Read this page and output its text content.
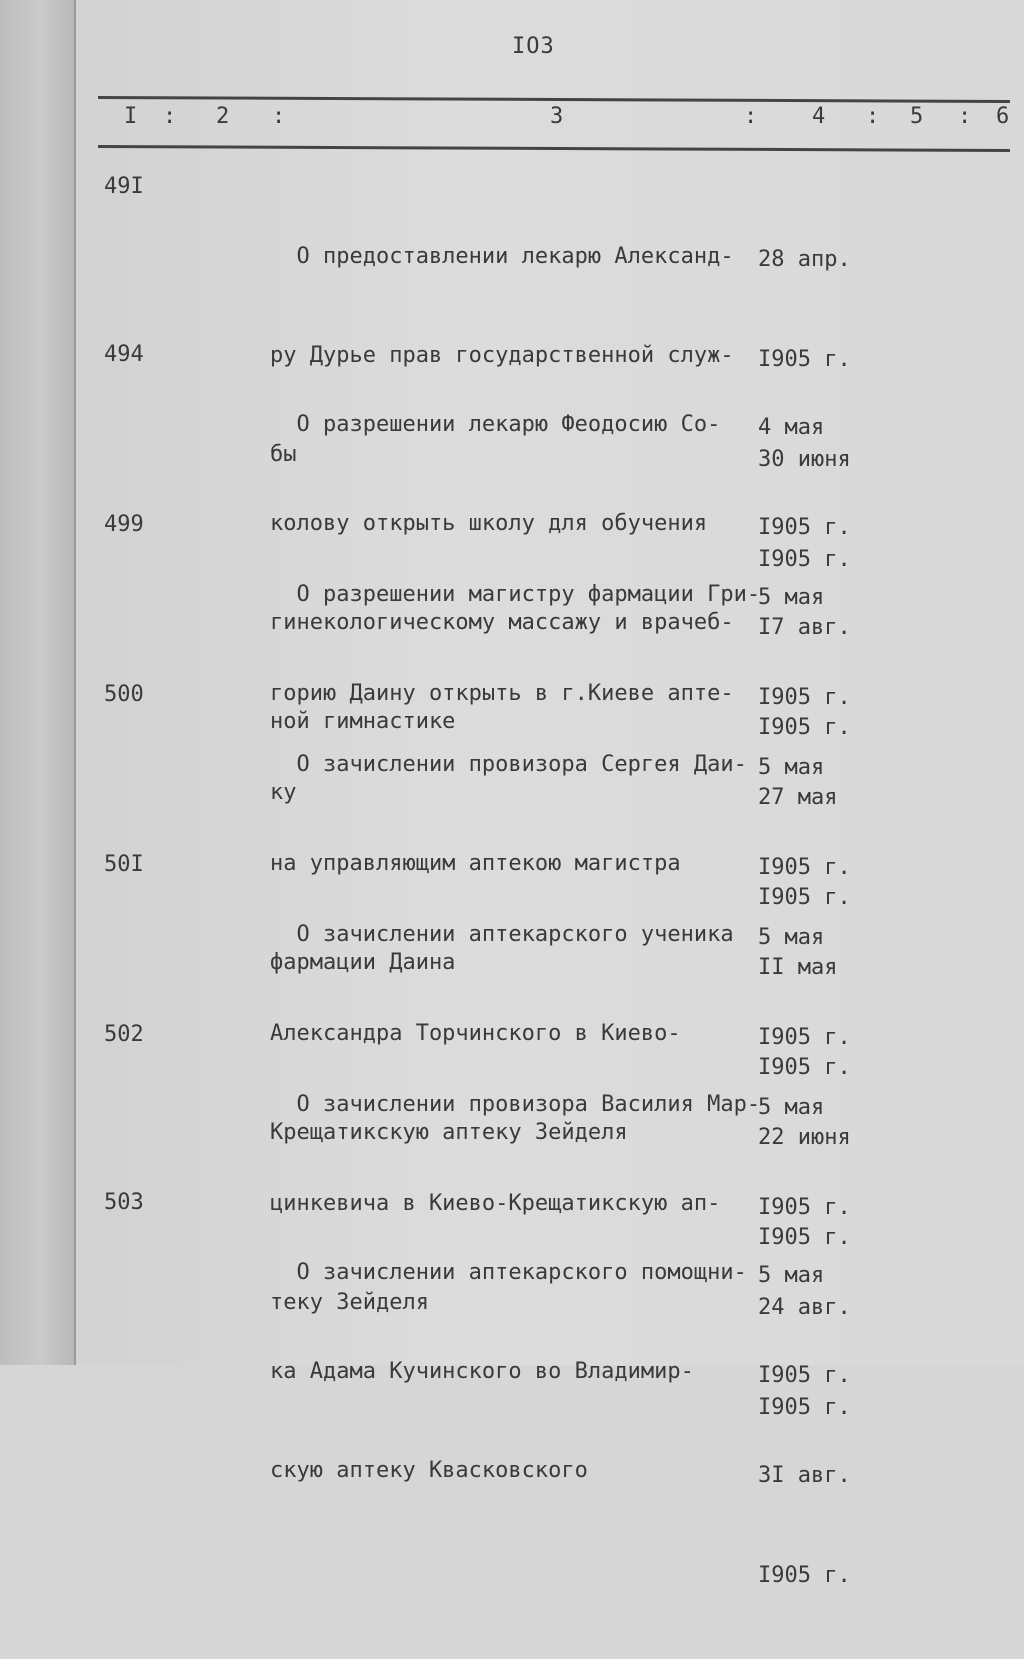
IO3
I : 2 :	3	: 4 : 5 : 6
49I

О предоставлении лекарю Александ-

ру Дурье прав государственной служ-

бы

28 апр.

I905 г.

30 июня

I905 г.

494

О разрешении лекарю Феодосию Со-

колову открыть школу для обучения

гинекологическому массажу и врачеб-

ной гимнастике

4 мая

I905 г.

I7 авг.

I905 г.

499

О разрешении магистру фармации Гри-

горию Даину открыть в г.Киеве апте-

ку

5 мая

I905 г.

27 мая

I905 г.

500

О зачислении провизора Сергея Даи-

на управляющим аптекою магистра

фармации Даина

5 мая

I905 г.

II мая

I905 г.

50I

О зачислении аптекарского ученика

Александра Торчинского в Киево-

Крещатикскую аптеку Зейделя

5 мая

I905 г.

22 июня

I905 г.

502

О зачислении провизора Василия Мар-

цинкевича в Киево-Крещатикскую ап-

теку Зейделя

5 мая

I905 г.

24 авг.

I905 г.

503

О зачислении аптекарского помощни-

ка Адама Кучинского во Владимир-

скую аптеку Квасковского

5 мая

I905 г.

3I авг.

I905 г.
